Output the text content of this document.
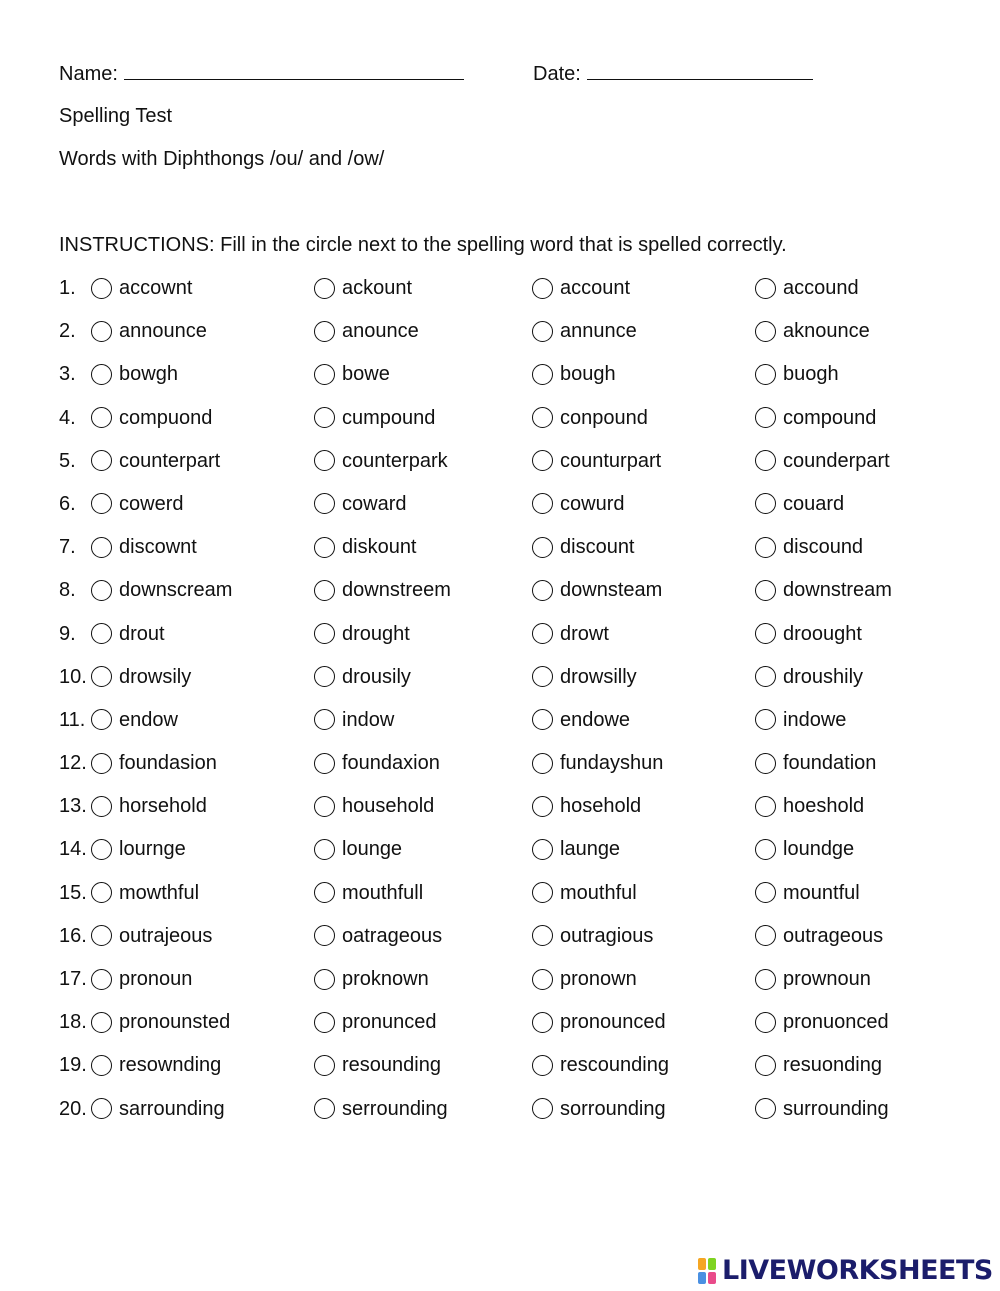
Name:	Date:
Spelling Test
Words with Diphthongs /ou/ and /ow/
INSTRUCTIONS: Fill in the circle next to the spelling word that is spelled correctly.
1. accownt	ackount	account	accound
2. announce	anounce	annunce	aknounce
3. bowgh	bowe	bough	buogh
4. compuond	cumpound	conpound	compound
5. counterpart	counterpark	counturpart	counderpart
6. cowerd	coward	cowurd	couard
7. discownt	diskount	discount	discound
8. downscream	downstreem	downsteam	downstream
9. drout	drought	drowt	droought
10. drowsily	drousily	drowsilly	droushily
11. endow	indow	endowe	indowe
12. foundasion	foundaxion	fundayshun	foundation
13. horsehold	household	hosehold	hoeshold
14. lournge	lounge	launge	loundge
15. mowthful	mouthfull	mouthful	mountful
16. outrajeous	oatrageous	outragious	outrageous
17. pronoun	proknown	pronown	prownoun
18. pronounsted	pronunced	pronounced	pronuonced
19. resownding	resounding	rescounding	resuonding
20. sarrounding	serrounding	sorrounding	surrounding
LIVEWORKSHEETS
